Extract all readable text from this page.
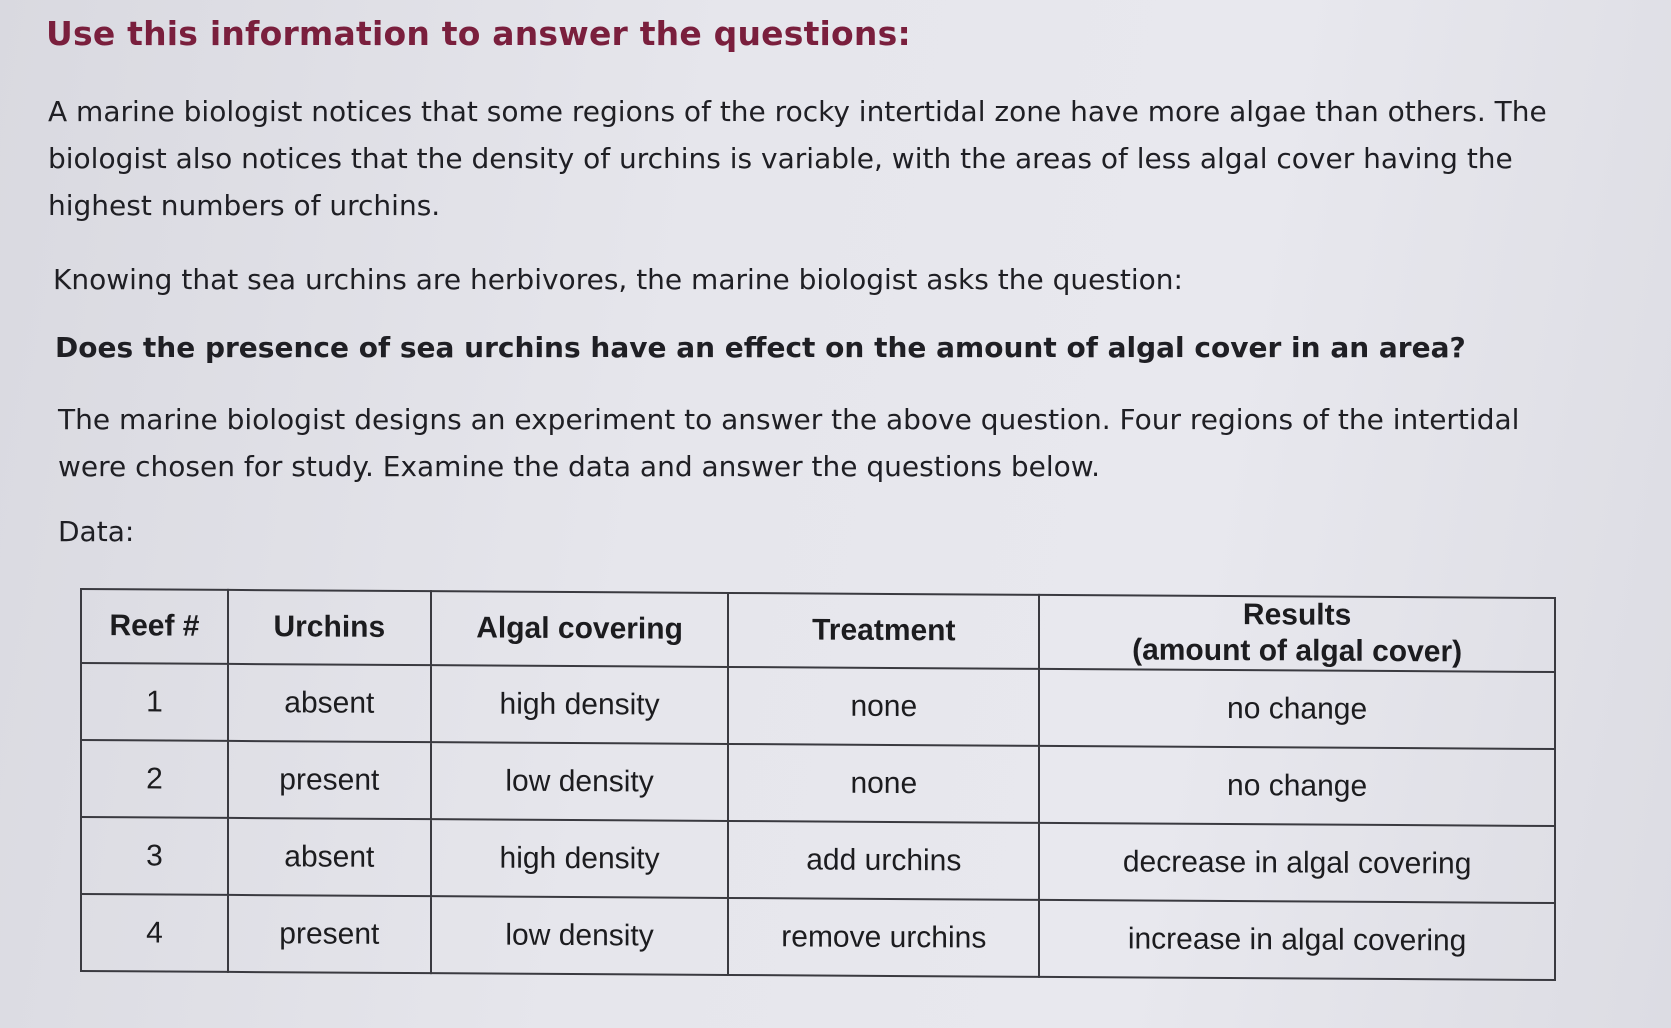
Use this information to answer the questions:
A marine biologist notices that some regions of the rocky intertidal zone have more algae than others. The biologist also notices that the density of urchins is variable, with the areas of less algal cover having the highest numbers of urchins.
Knowing that sea urchins are herbivores, the marine biologist asks the question:
Does the presence of sea urchins have an effect on the amount of algal cover in an area?
The marine biologist designs an experiment to answer the above question. Four regions of the intertidal were chosen for study. Examine the data and answer the questions below.
Data:
Reef #	Urchins	Algal covering	Treatment	Results
(amount of algal cover)
1	absent	high density	none	no change
2	present	low density	none	no change
3	absent	high density	add urchins	decrease in algal covering
4	present	low density	remove urchins	increase in algal covering
